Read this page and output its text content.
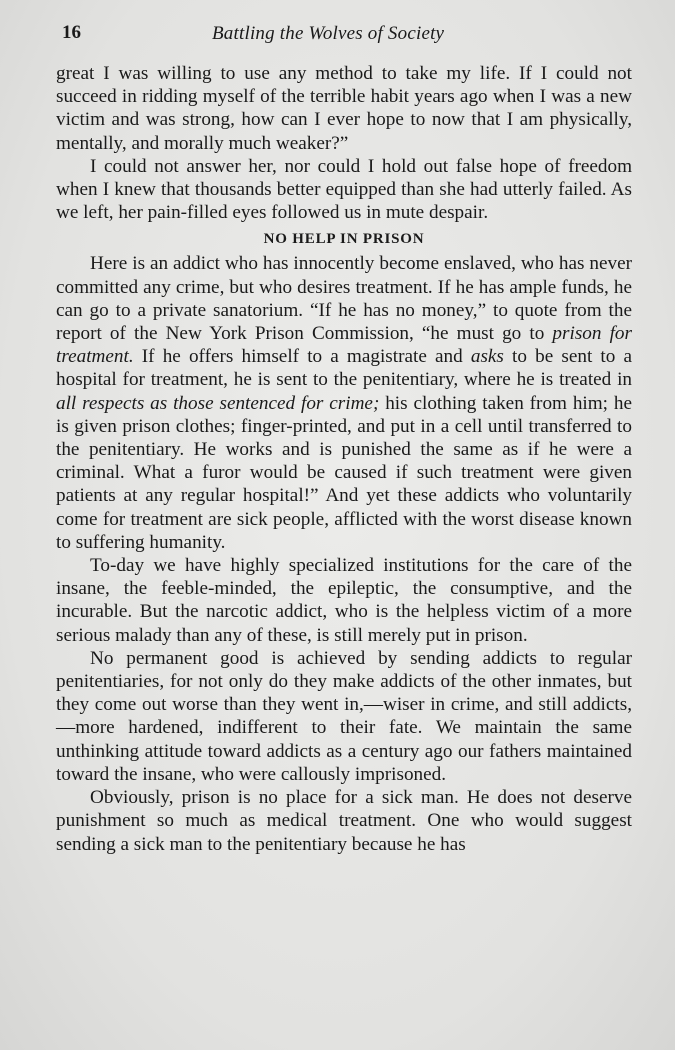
16	Battling the Wolves of Society

great I was willing to use any method to take my life. If I could not succeed in ridding myself of the terrible habit years ago when I was a new victim and was strong, how can I ever hope to now that I am physically, mentally, and morally much weaker?”

I could not answer her, nor could I hold out false hope of freedom when I knew that thousands better equipped than she had utterly failed. As we left, her pain-filled eyes followed us in mute despair.

NO HELP IN PRISON

Here is an addict who has innocently become enslaved, who has never committed any crime, but who desires treatment. If he has ample funds, he can go to a private sanatorium. “If he has no money,” to quote from the report of the New York Prison Commission, “he must go to prison for treatment. If he offers himself to a magistrate and asks to be sent to a hospital for treatment, he is sent to the penitentiary, where he is treated in all respects as those sentenced for crime; his clothing taken from him; he is given prison clothes; finger-printed, and put in a cell until transferred to the penitentiary. He works and is punished the same as if he were a criminal. What a furor would be caused if such treatment were given patients at any regular hospital!” And yet these addicts who voluntarily come for treatment are sick people, afflicted with the worst disease known to suffering humanity.

To-day we have highly specialized institutions for the care of the insane, the feeble-minded, the epileptic, the consumptive, and the incurable. But the narcotic addict, who is the helpless victim of a more serious malady than any of these, is still merely put in prison.

No permanent good is achieved by sending addicts to regular penitentiaries, for not only do they make addicts of the other inmates, but they come out worse than they went in,—wiser in crime, and still addicts,—more hardened, indifferent to their fate. We maintain the same unthinking attitude toward addicts as a century ago our fathers maintained toward the insane, who were callously imprisoned.

Obviously, prison is no place for a sick man. He does not deserve punishment so much as medical treatment. One who would suggest sending a sick man to the penitentiary because he has
